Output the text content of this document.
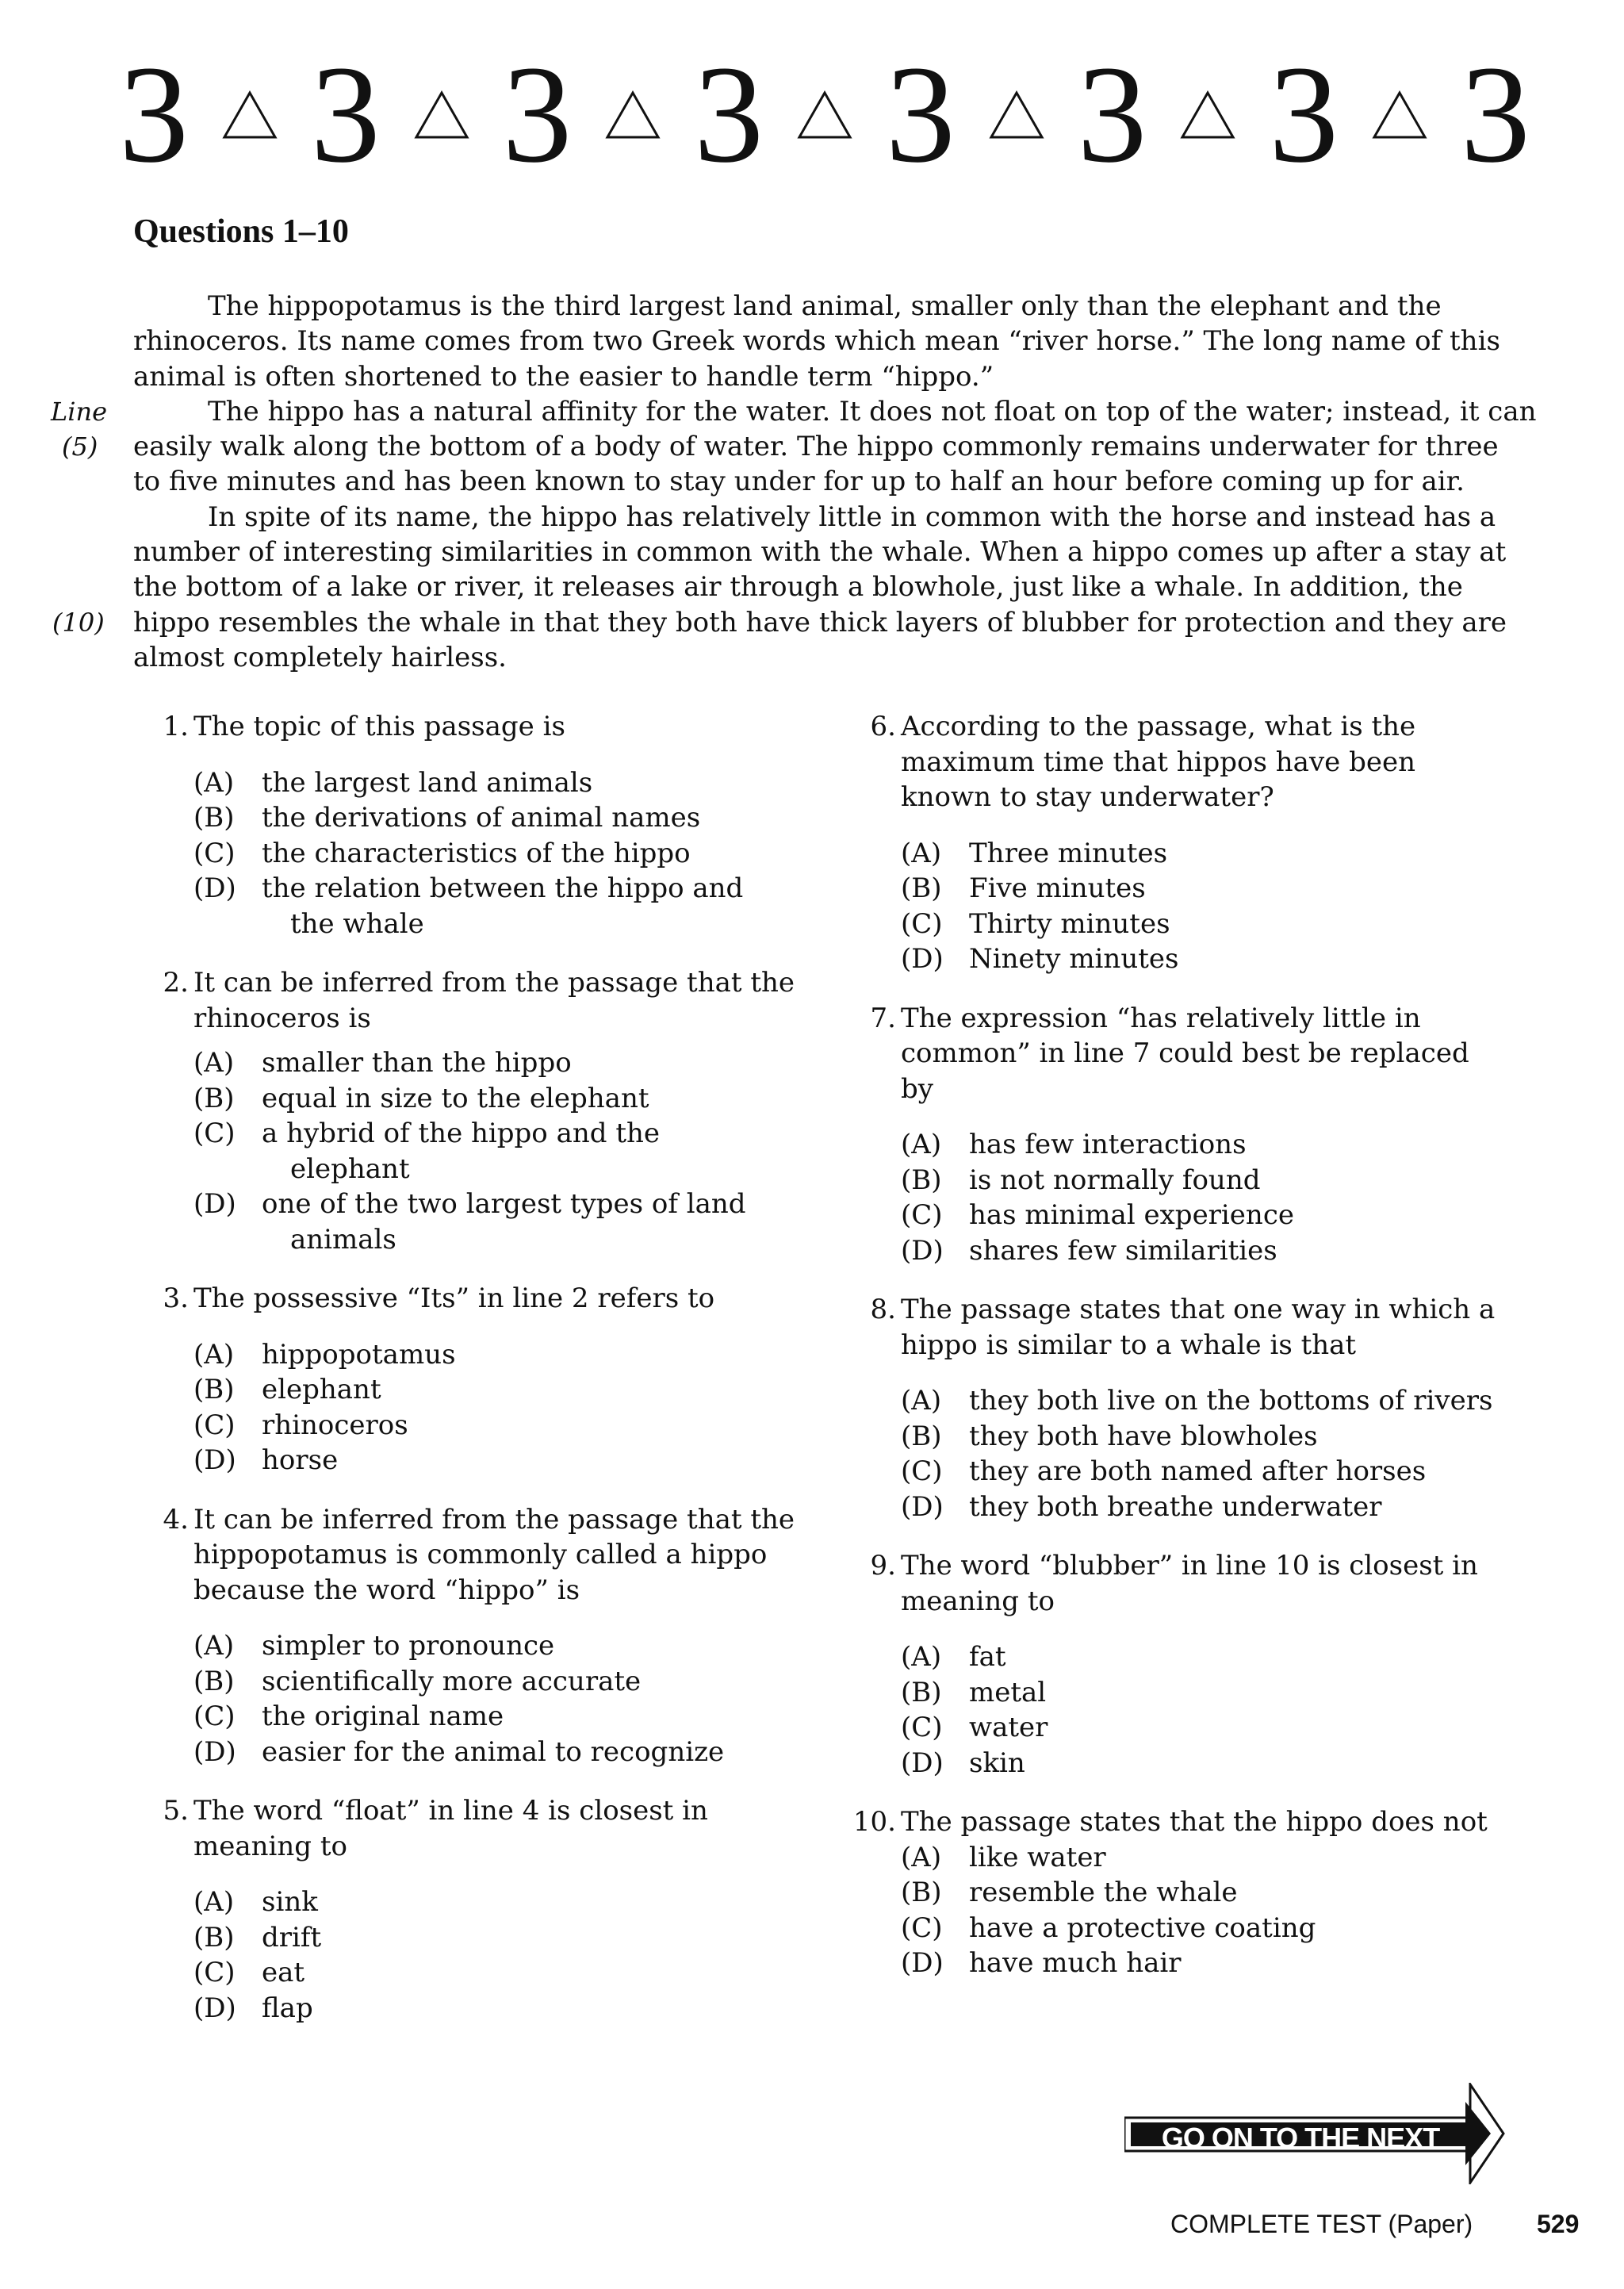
3 3 3 3 3 3 3 3
Questions 1–10
The hippopotamus is the third largest land animal, smaller only than the elephant and the
rhinoceros. Its name comes from two Greek words which mean “river horse.” The long name of this
animal is often shortened to the easier to handle term “hippo.”
The hippo has a natural affinity for the water. It does not float on top of the water; instead, it can
easily walk along the bottom of a body of water. The hippo commonly remains underwater for three
to five minutes and has been known to stay under for up to half an hour before coming up for air.
In spite of its name, the hippo has relatively little in common with the horse and instead has a
number of interesting similarities in common with the whale. When a hippo comes up after a stay at
the bottom of a lake or river, it releases air through a blowhole, just like a whale. In addition, the
hippo resembles the whale in that they both have thick layers of blubber for protection and they are
almost completely hairless.
Line
(5)
(10)
1. The topic of this passage is
(A)	the largest land animals
(B)	the derivations of animal names
(C) the characteristics of the hippo
(D) the relation between the hippo and
the whale
2. It can be inferred from the passage that the
rhinoceros is
(A)	smaller than the hippo
(B)	equal in size to the elephant
(C) a hybrid of the hippo and the
elephant
(D) one of the two largest types of land
animals
3. The possessive “Its” in line 2 refers to
(A)	hippopotamus
(B)	elephant
(C) rhinoceros
(D) horse
4. It can be inferred from the passage that the
hippopotamus is commonly called a hippo
because the word “hippo” is
(A)	simpler to pronounce
(B)	scientifically more accurate
(C) the original name
(D) easier for the animal to recognize
5. The word “float” in line 4 is closest in
meaning to
(A)	sink
(B)	drift
(C) eat
(D) flap
6. According to the passage, what is the
maximum time that hippos have been
known to stay underwater?
(A)	Three minutes
(B)	Five minutes
(C) Thirty minutes
(D) Ninety minutes
7. The expression “has relatively little in
common” in line 7 could best be replaced
by
(A)	has few interactions
(B)	is not normally found
(C) has minimal experience
(D) shares few similarities
8. The passage states that one way in which a
hippo is similar to a whale is that
(A)	they both live on the bottoms of rivers
(B)	they both have blowholes
(C) they are both named after horses
(D) they both breathe underwater
9. The word “blubber” in line 10 is closest in
meaning to
(A)	fat
(B)	metal
(C) water
(D) skin
10. The passage states that the hippo does not
(A)	like water
(B)	resemble the whale
(C) have a protective coating
(D) have much hair
GO ON TO THE NEXT PAGE
COMPLETE TEST (Paper)	529
